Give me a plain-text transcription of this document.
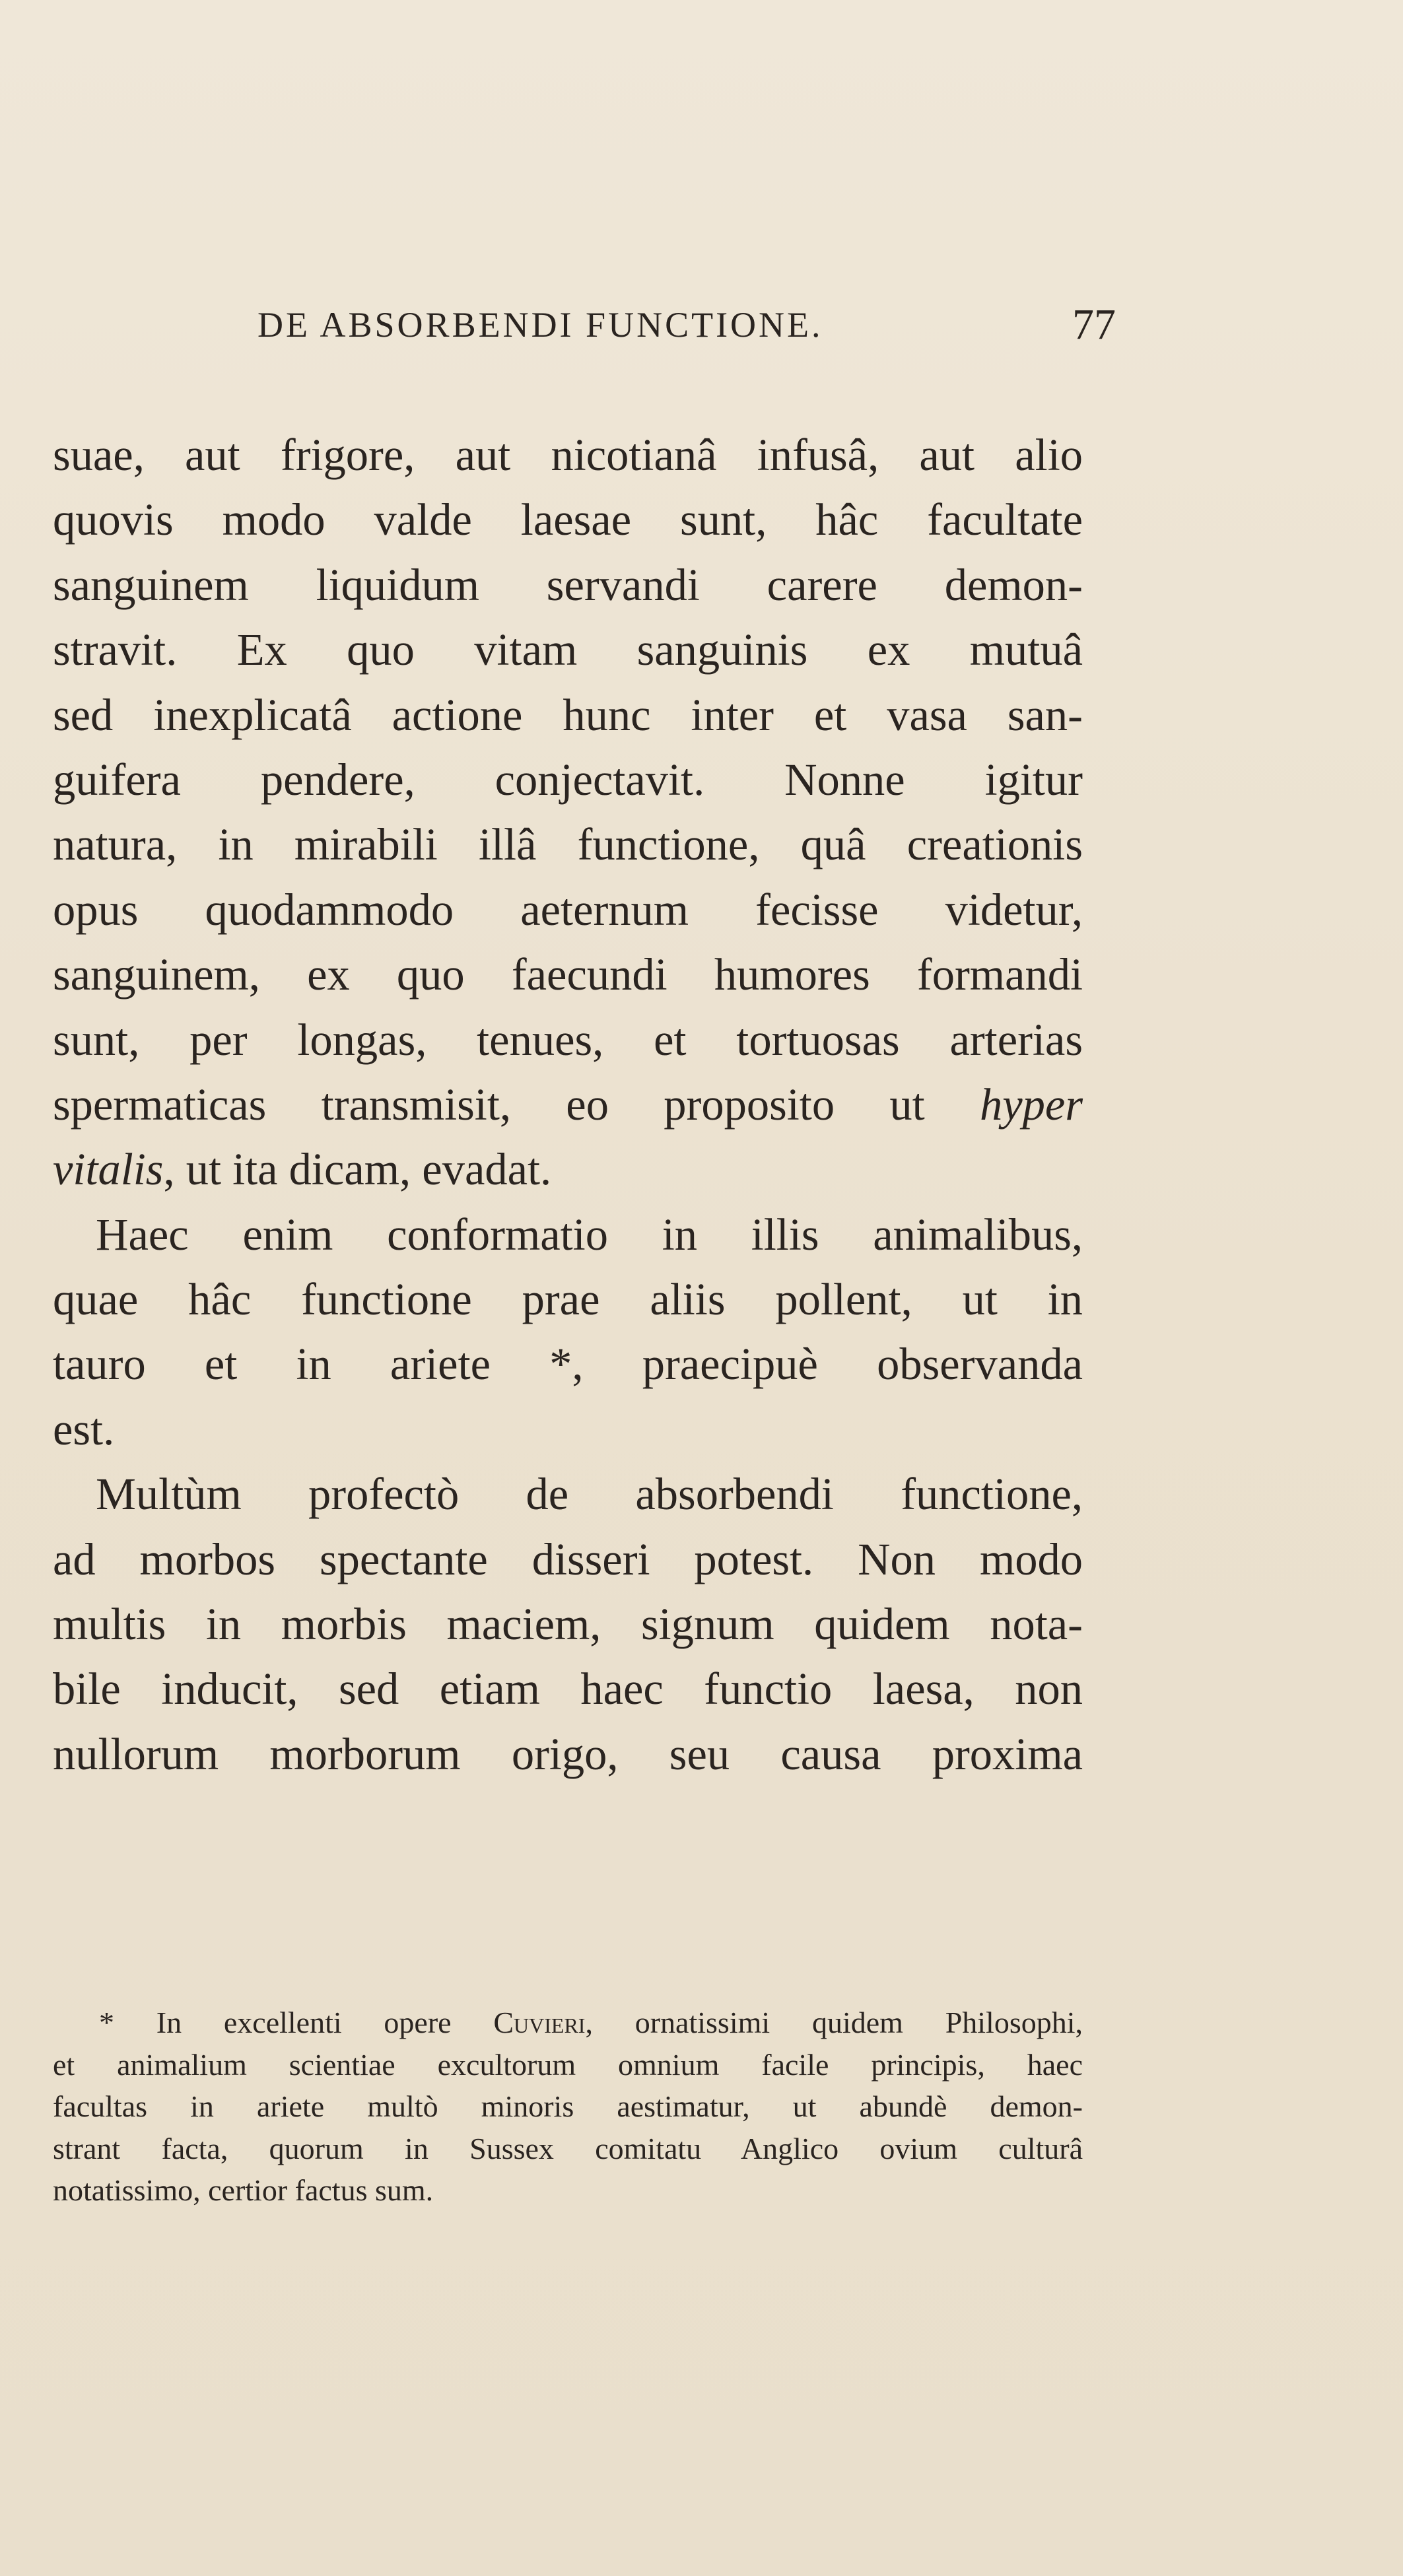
DE ABSORBENDI FUNCTIONE.	77
suae, aut frigore, aut nicotianâ infusâ, aut alio
quovis modo valde laesae sunt, hâc facultate
sanguinem liquidum servandi carere demon-
stravit. Ex quo vitam sanguinis ex mutuâ
sed inexplicatâ actione hunc inter et vasa san-
guifera pendere, conjectavit. Nonne igitur
natura, in mirabili illâ functione, quâ creationis
opus quodammodo aeternum fecisse videtur,
sanguinem, ex quo faecundi humores formandi
sunt, per longas, tenues, et tortuosas arterias
spermaticas transmisit, eo proposito ut hyper
vitalis, ut ita dicam, evadat.
Haec enim conformatio in illis animalibus,
quae hâc functione prae aliis pollent, ut in
tauro et in ariete *, praecipuè observanda
est.
Multùm profectò de absorbendi functione,
ad morbos spectante disseri potest. Non modo
multis in morbis maciem, signum quidem nota-
bile inducit, sed etiam haec functio laesa, non
nullorum morborum origo, seu causa proxima
* In excellenti opere Cuvieri, ornatissimi quidem Philosophi,
et animalium scientiae excultorum omnium facile principis, haec
facultas in ariete multò minoris aestimatur, ut abundè demon-
strant facta, quorum in Sussex comitatu Anglico ovium culturâ
notatissimo, certior factus sum.
